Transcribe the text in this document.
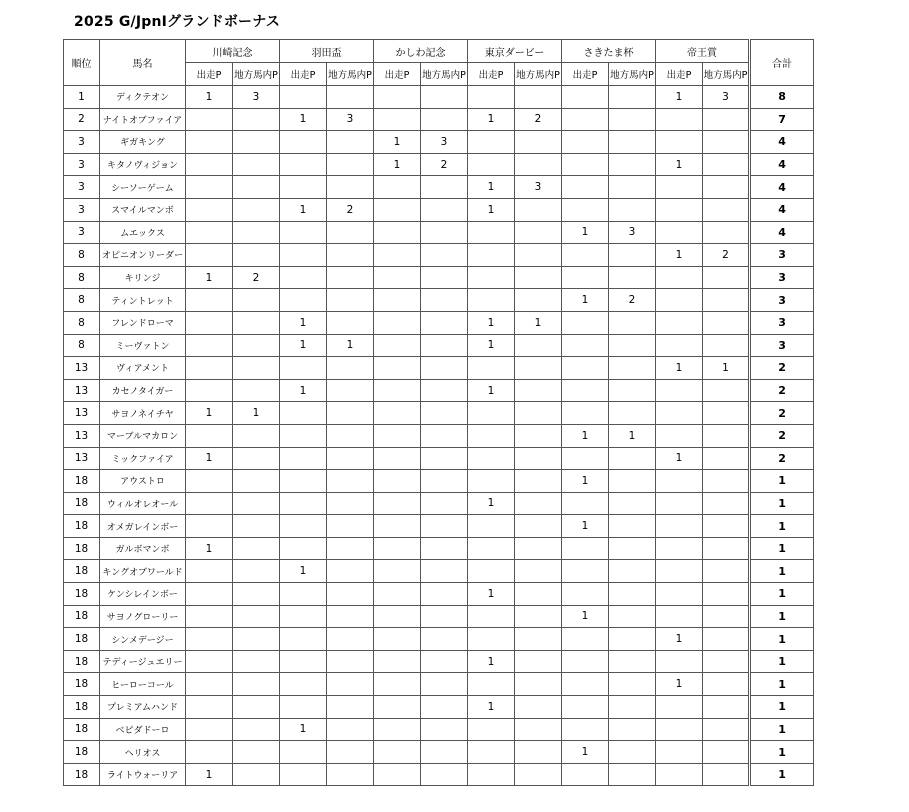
2025 G/JpnⅠグランドボーナス
順位	馬名	川崎記念		羽田盃		かしわ記念		東京ダービー		さきたま杯		帝王賞		合計
		出走P	地方馬内P	出走P	地方馬内P	出走P	地方馬内P	出走P	地方馬内P	出走P	地方馬内P	出走P	地方馬内P	
1	ディクテオン	1	3									1	3	8
2	ナイトオブファイア			1	3			1	2					7
3	ギガキング					1	3							4
3	キタノヴィジョン					1	2					1		4
3	シーソーゲーム							1	3					4
3	スマイルマンボ			1	2			1						4
3	ムエックス									1	3			4
8	オピニオンリーダー											1	2	3
8	キリンジ	1	2											3
8	ティントレット									1	2			3
8	フレンドローマ			1				1	1					3
8	ミーヴァトン			1	1			1						3
13	ヴィアメント											1	1	2
13	カセノタイガー			1				1						2
13	サヨノネイチヤ	1	1											2
13	マーブルマカロン									1	1			2
13	ミックファイア	1										1		2
18	アウストロ									1				1
18	ウィルオレオール							1						1
18	オメガレインボー									1				1
18	ガルボマンボ	1												1
18	キングオブワールド			1										1
18	ケンシレインボー							1						1
18	サヨノグローリー									1				1
18	シンメデージー											1		1
18	テディージュエリー							1						1
18	ヒーローコール											1		1
18	プレミアムハンド							1						1
18	ベピダドーロ			1										1
18	ヘリオス									1				1
18	ライトウォーリア	1												1
